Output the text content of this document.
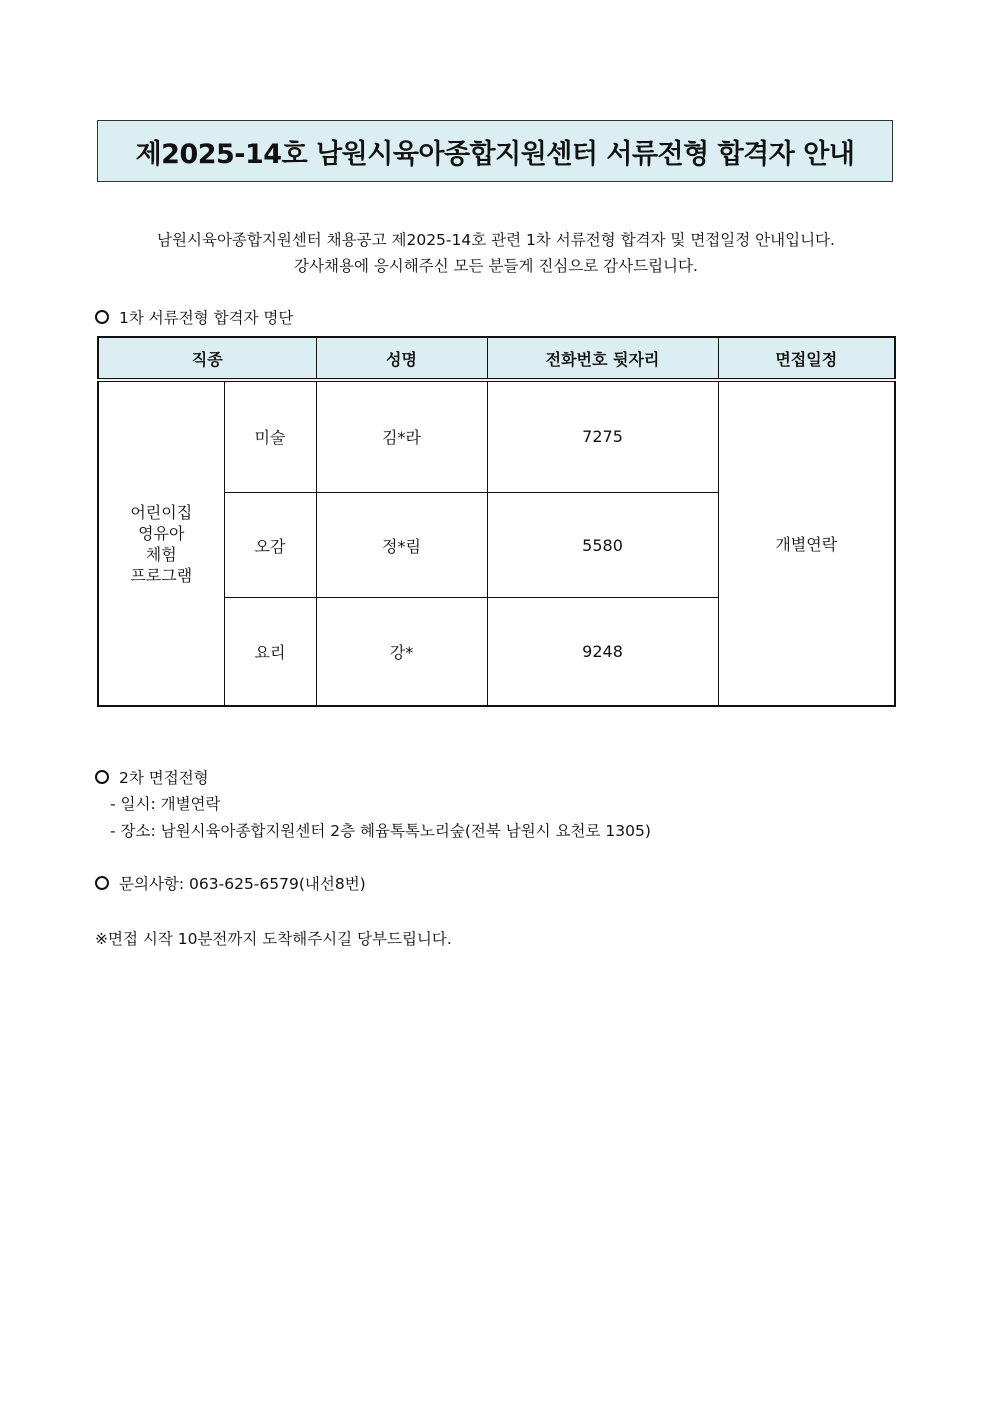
제2025-14호 남원시육아종합지원센터 서류전형 합격자 안내
남원시육아종합지원센터 채용공고 제2025-14호 관련 1차 서류전형 합격자 및 면접일정 안내입니다.
강사채용에 응시해주신 모든 분들게 진심으로 감사드립니다.
1차 서류전형 합격자 명단
직종		성명	전화번호 뒷자리	면접일정

어린이집
영유아
체험
프로그램	미술	김*라	7275	개별연락
	오감	정*림	5580	
	요리	강*	9248	
2차 면접전형
- 일시: 개별연락
- 장소: 남원시육아종합지원센터 2층 혜윰톡톡노리숲(전북 남원시 요천로 1305)
문의사항: 063-625-6579(내선8번)
※면접 시작 10분전까지 도착해주시길 당부드립니다.
